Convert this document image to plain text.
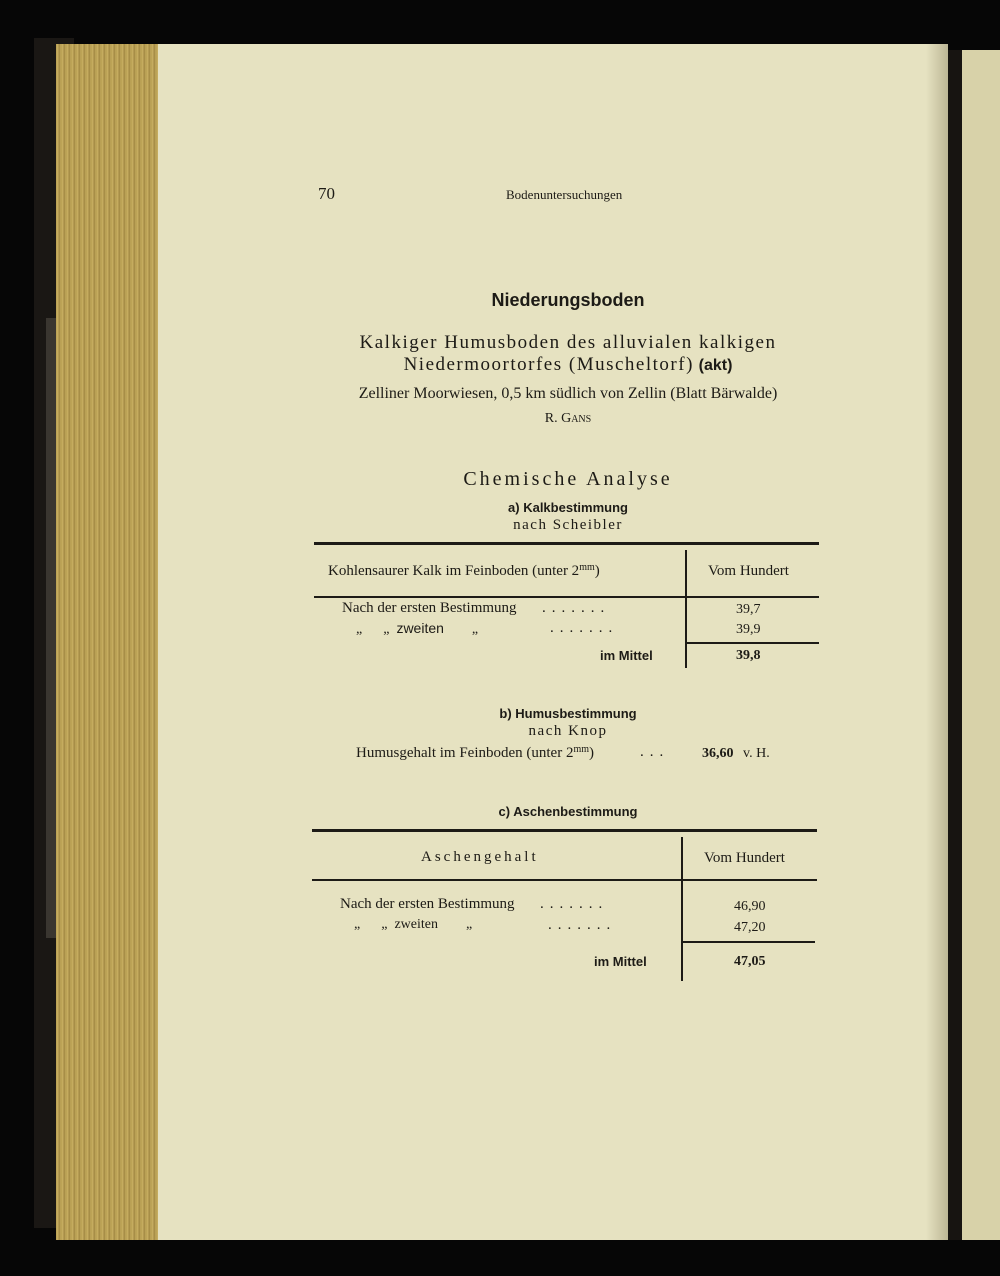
70	Bodenuntersuchungen
Niederungsboden
Kalkiger Humusboden des alluvialen kalkigen
Niedermoortorfes (Muscheltorf) (akt)
Zelliner Moorwiesen, 0,5 km südlich von Zellin (Blatt Bärwalde)
R. Gans
Chemische Analyse
a) Kalkbestimmung
nach Scheibler
Kohlensaurer Kalk im Feinboden (unter $2^{mm}$)	Vom Hundert
Nach der ersten Bestimmung .......	39,7
„ „ zweiten „	.......	39,9
im Mittel	39,8
b) Humusbestimmung
nach Knop
Humusgehalt im Feinboden (unter $2^{mm}$)	... 36,60 v. H.
c) Aschenbestimmung
Aschengehalt	Vom Hundert
Nach der ersten Bestimmung .......	46,90
„ „ zweiten „	.......	47,20
im Mittel	47,05
